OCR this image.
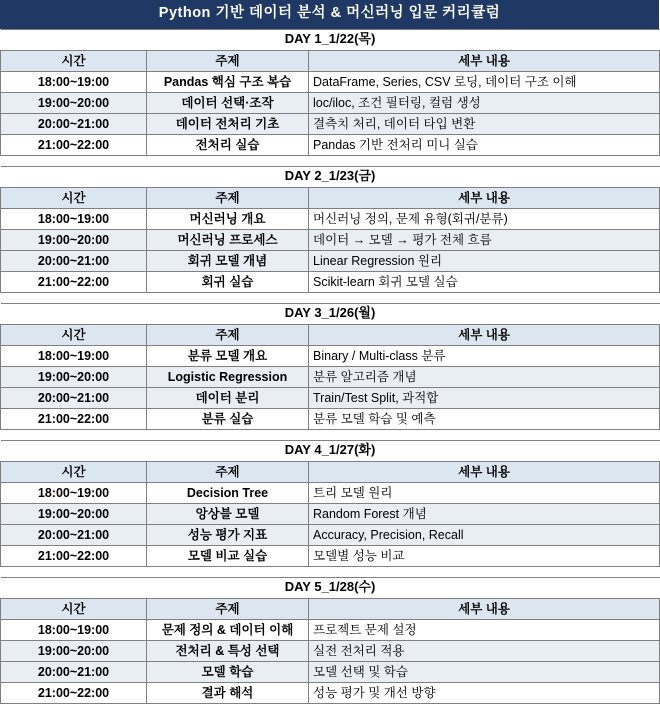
Python 기반 데이터 분석 & 머신러닝 입문 커리큘럼
DAY 1_1/22(목)		
시간	주제	세부 내용
18:00~19:00	Pandas 핵심 구조 복습	DataFrame, Series, CSV 로딩, 데이터 구조 이해
19:00~20:00	데이터 선택·조작	loc/iloc, 조건 필터링, 컬럼 생성
20:00~21:00	데이터 전처리 기초	결측치 처리, 데이터 타입 변환
21:00~22:00	전처리 실습	Pandas 기반 전처리 미니 실습

DAY 2_1/23(금)		
시간	주제	세부 내용
18:00~19:00	머신러닝 개요	머신러닝 정의, 문제 유형(회귀/분류)
19:00~20:00	머신러닝 프로세스	데이터 → 모델 → 평가 전체 흐름
20:00~21:00	회귀 모델 개념	Linear Regression 원리
21:00~22:00	회귀 실습	Scikit-learn 회귀 모델 실습

DAY 3_1/26(월)		
시간	주제	세부 내용
18:00~19:00	분류 모델 개요	Binary / Multi-class 분류
19:00~20:00	Logistic Regression	분류 알고리즘 개념
20:00~21:00	데이터 분리	Train/Test Split, 과적합
21:00~22:00	분류 실습	분류 모델 학습 및 예측

DAY 4_1/27(화)		
시간	주제	세부 내용
18:00~19:00	Decision Tree	트리 모델 원리
19:00~20:00	앙상블 모델	Random Forest 개념
20:00~21:00	성능 평가 지표	Accuracy, Precision, Recall
21:00~22:00	모델 비교 실습	모델별 성능 비교

DAY 5_1/28(수)		
시간	주제	세부 내용
18:00~19:00	문제 정의 & 데이터 이해	프로젝트 문제 설정
19:00~20:00	전처리 & 특성 선택	실전 전처리 적용
20:00~21:00	모델 학습	모델 선택 및 학습
21:00~22:00	결과 해석	성능 평가 및 개선 방향
